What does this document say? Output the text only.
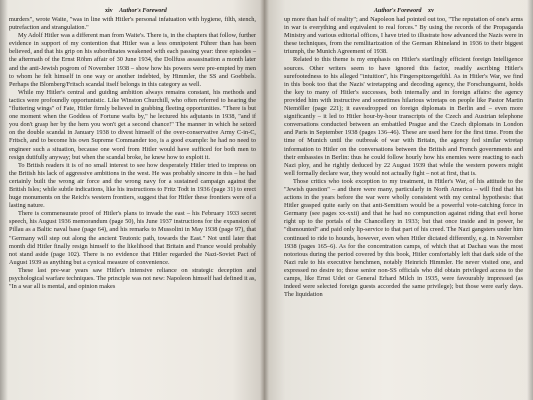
xiv Author's Foreword

murders", wrote Waite, "was in line with Hitler's personal infatuation with hygiene, filth, stench, putrefaction and strangulation."

My Adolf Hitler was a different man from Waite's. There is, in the chapters that follow, further evidence in support of my contention that Hitler was a less omnipotent Führer than has been believed, and that his grip on his subordinates weakened with each passing year: three episodes – the aftermath of the Ernst Röhm affair of 30 June 1934, the Dollfuss assassination a month later and the anti-Jewish pogrom of November 1938 – show how his powers were pre-empted by men to whom he felt himself in one way or another indebted, by Himmler, the SS and Goebbels. Perhaps the Blomberg/Fritsch scandal itself belongs in this category as well.

While my Hitler's central and guiding ambition always remains constant, his methods and tactics were profoundly opportunistic. Like Winston Churchill, who often referred to hearing the "fluttering wings" of Fate, Hitler firmly believed in grabbing fleeting opportunities. "There is but one moment when the Goddess of Fortune wafts by," he lectured his adjutants in 1938, "and if you don't grasp her by the hem you won't get a second chance!" The manner in which he seized on the double scandal in January 1938 to divest himself of the over-conservative Army C-in-C, Fritsch, and to become his own Supreme Commander too, is a good example: he had no need to engineer such a situation, because one word from Hitler would have sufficed for both men to resign dutifully anyway; but when the scandal broke, he knew how to exploit it.

To British readers it is of no small interest to see how desperately Hitler tried to impress on the British his lack of aggressive ambitions in the west. He was probably sincere in this – he had certainly built the wrong air force and the wrong navy for a sustained campaign against the British Isles; while subtle indications, like his instructions to Fritz Todt in 1936 (page 31) to erect huge monuments on the Reich's western frontiers, suggest that for Hitler these frontiers were of a lasting nature.

There is commensurate proof of Hitler's plans to invade the east – his February 1933 secret speech, his August 1936 memorandum (page 50), his June 1937 instructions for the expansion of Pillau as a Baltic naval base (page 64), and his remarks to Mussolini in May 1938 (page 97), that "Germany will step out along the ancient Teutonic path, towards the East." Not until later that month did Hitler finally resign himself to the likelihood that Britain and France would probably not stand aside (page 102). There is no evidence that Hitler regarded the Nazi-Soviet Pact of August 1939 as anything but a cynical measure of convenience.

These last pre-war years saw Hitler's intensive reliance on strategic deception and psychological warfare techniques. The principle was not new: Napoleon himself had defined it as, "In a war all is mental, and opinion makes

Author's Foreword xv

up more than half of reality"; and Napoleon had pointed out too, "The reputation of one's arms in war is everything and equivalent to real forces." By using the records of the Propaganda Ministry and various editorial offices, I have tried to illustrate how advanced the Nazis were in these techniques, from the remilitarization of the German Rhineland in 1936 to their biggest triumph, the Munich Agreement of 1938.

Related to this theme is my emphasis on Hitler's startlingly efficient foreign Intelligence sources. Other writers seem to have ignored this factor, readily ascribing Hitler's surefootedness to his alleged "intuition", his Fingerspitzengefühl. As in Hitler's War, we find in this book too that the Nazis' wiretapping and decoding agency, the Forschungsamt, holds the key to many of Hitler's successes, both internally and in foreign affairs: the agency provided him with instructive and sometimes hilarious wiretaps on people like Pastor Martin Niemöller (page 221); it eavesdropped on foreign diplomats in Berlin and – even more significantly – it led to Hitler hour-by-hour transcripts of the Czech and Austrian telephone conversations conducted between an embattled Prague and the Czech diplomats in London and Paris in September 1938 (pages 136–46). These are used here for the first time. From the time of Munich until the outbreak of war with Britain, the agency fed similar wiretap information to Hitler on the conversations between the British and French governments and their embassies in Berlin: thus he could follow hourly how his enemies were reacting to each Nazi ploy, and he rightly deduced by 22 August 1939 that while the western powers might well formally declare war, they would not actually fight – not at first, that is.

Those critics who took exception to my treatment, in Hitler's War, of his attitude to the "Jewish question" – and there were many, particularly in North America – will find that his actions in the years before the war were wholly consistent with my central hypothesis: that Hitler grasped quite early on that anti-Semitism would be a powerful vote-catching force in Germany (see pages xx-xxii) and that he had no compunction against riding that evil horse right up to the portals of the Chancellery in 1933; but that once inside and in power, he "dismounted" and paid only lip-service to that part of his creed. The Nazi gangsters under him continued to ride to hounds, however, even when Hitler dictated differently, e.g. in November 1938 (pages 165–6). As for the concentration camps, of which that at Dachau was the most notorious during the period covered by this book, Hitler comfortably left that dark side of the Nazi rule to his executive henchmen, notably Heinrich Himmler. He never visited one, and expressed no desire to; those senior non-SS officials who did obtain privileged access to the camps, like Ernst Udet or General Erhard Milch in 1935, were favourably impressed (as indeed were selected foreign guests accorded the same privilege); but those were early days. The liquidation
